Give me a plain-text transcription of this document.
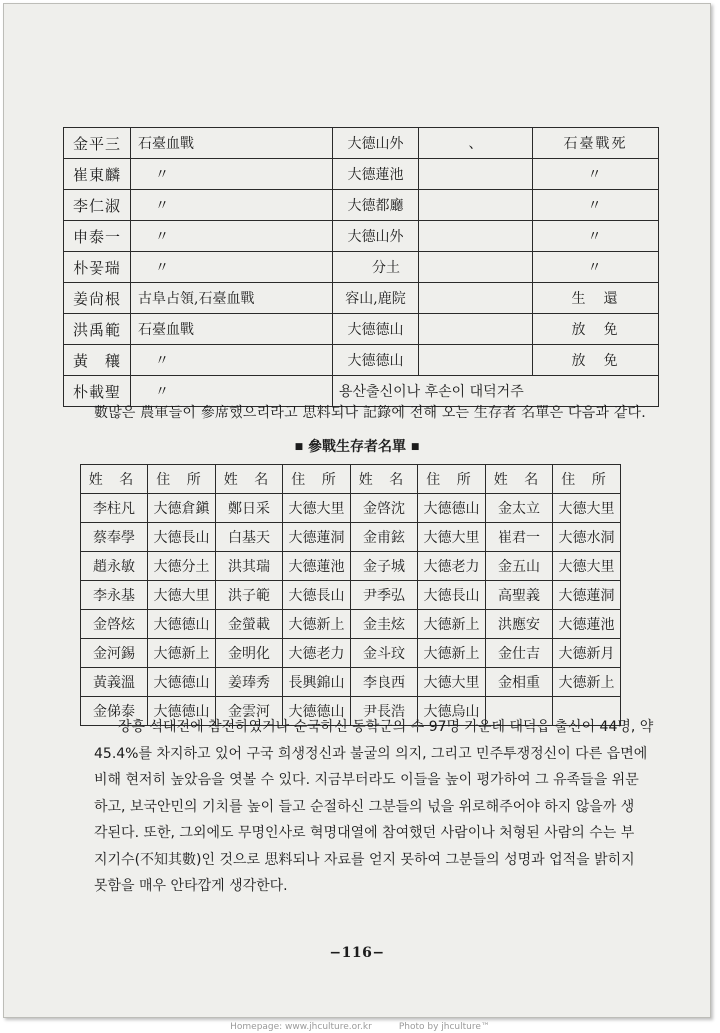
金平三	石臺血戰	大德山外	、	石臺戰死
崔東麟	〃	大德蓮池		〃
李仁淑	〃	大德都廳		〃
申泰一	〃	大德山外		〃
朴꽃瑞	〃	分土		〃
姜尙根	古阜占領,石臺血戰	容山,鹿院		生　還
洪禹範	石臺血戰	大德德山		放　免
黃　穰	〃	大德德山		放　免
朴載聖	〃	용산출신이나 후손이 대덕거주		
數많은 農軍들이 參席했으리라고 思料되나 記錄에 전해 오는 生存者 名單은 다음과 같다.
■ 參戰生存者名單 ■
姓 名	住 所	姓 名	住 所	姓 名	住 所	姓 名	住 所
李柱凡	大德倉鎭	鄭日采	大德大里	金啓沈	大德德山	金太立	大德大里
蔡奉學	大德長山	白基天	大德蓮洞	金甫鉉	大德大里	崔君一	大德水洞
趙永敏	大德分土	洪其瑞	大德蓮池	金子城	大德老力	金五山	大德大里
李永基	大德大里	洪子範	大德長山	尹季弘	大德長山	高聖義	大德蓮洞
金啓炫	大德德山	金螢載	大德新上	金圭炫	大德新上	洪應安	大德蓮池
金河錫	大德新上	金明化	大德老力	金斗玟	大德新上	金仕吉	大德新月
黃義溫	大德德山	姜琫秀	長興錦山	李良西	大德大里	金相重	大德新上
金俤泰	大德德山	金雲河	大德德山	尹長浩	大德烏山		

장흥 석대전에 참전하였거나 순국하신 동학군의 수 97명 가운데 대덕읍 출신이 44명, 약

45.4%를 차지하고 있어 구국 희생정신과 불굴의 의지, 그리고 민주투쟁정신이 다른 읍면에

비해 현저히 높았음을 엿볼 수 있다. 지금부터라도 이들을 높이 평가하여 그 유족들을 위문

하고, 보국안민의 기치를 높이 들고 순절하신 그분들의 넋을 위로해주어야 하지 않을까 생

각된다. 또한, 그외에도 무명인사로 혁명대열에 참여했던 사람이나 처형된 사람의 수는 부

지기수(不知其數)인 것으로 思料되나 자료를 얻지 못하여 그분들의 성명과 업적을 밝히지

못함을 매우 안타깝게 생각한다.

−116−
Homepage: www.jhculture.or.kr　　　Photo by jhculture™
